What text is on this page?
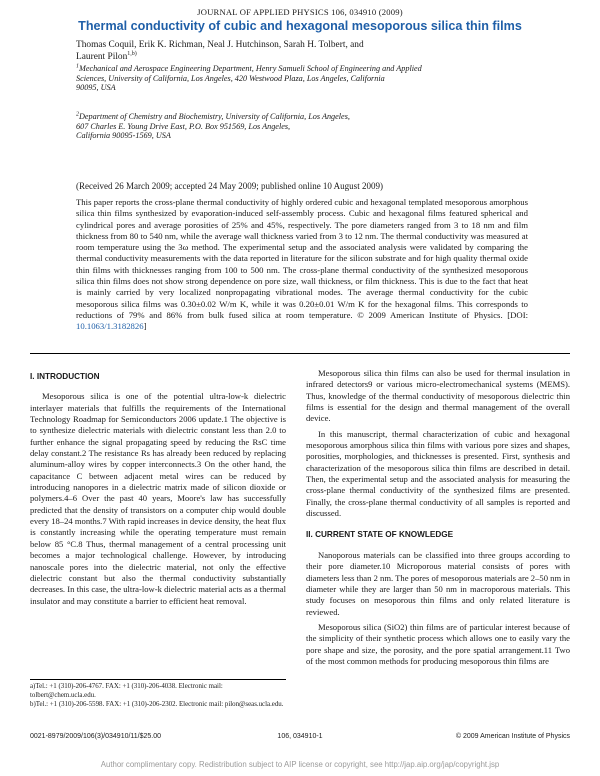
JOURNAL OF APPLIED PHYSICS 106, 034910 (2009)
Thermal conductivity of cubic and hexagonal mesoporous silica thin films
Thomas Coquil, Erik K. Richman, Neal J. Hutchinson, Sarah H. Tolbert, and
Laurent Pilon$^{1,b)}$
$^1$Mechanical and Aerospace Engineering Department, Henry Samueli School of Engineering and Applied
Sciences, University of California, Los Angeles, 420 Westwood Plaza, Los Angeles, California
90095, USA
$^2$Department of Chemistry and Biochemistry, University of California, Los Angeles,
607 Charles E. Young Drive East, P.O. Box 951569, Los Angeles,
California 90095-1569, USA
(Received 26 March 2009; accepted 24 May 2009; published online 10 August 2009)
This paper reports the cross-plane thermal conductivity of highly ordered cubic and hexagonal templated mesoporous amorphous silica thin films synthesized by evaporation-induced self-assembly process. Cubic and hexagonal films featured spherical and cylindrical pores and average porosities of 25% and 45%, respectively. The pore diameters ranged from 3 to 18 nm and film thickness from 80 to 540 nm, while the average wall thickness varied from 3 to 12 nm. The thermal conductivity was measured at room temperature using the 3ω method. The experimental setup and the associated analysis were validated by comparing the thermal conductivity measurements with the data reported in literature for the silicon substrate and for high quality thermal oxide thin films with thicknesses ranging from 100 to 500 nm. The cross-plane thermal conductivity of the synthesized mesoporous silica thin films does not show strong dependence on pore size, wall thickness, or film thickness. This is due to the fact that heat is mainly carried by very localized nonpropagating vibrational modes. The average thermal conductivity for the cubic mesoporous silica films was 0.30±0.02 W/m K, while it was 0.20±0.01 W/m K for the hexagonal films. This corresponds to reductions of 79% and 86% from bulk fused silica at room temperature. © 2009 American Institute of Physics. [DOI: 10.1063/1.3182826]
I. INTRODUCTION

Mesoporous silica is one of the potential ultra-low-k dielectric interlayer materials that fulfills the requirements of the International Technology Roadmap for Semiconductors 2006 update.1 The objective is to synthesize dielectric materials with dielectric constant less than 2.0 to further enhance the signal propagating speed by reducing the RsC time delay constant.2 The resistance Rs has already been reduced by replacing aluminum-alloy wires by copper interconnects.3 On the other hand, the capacitance C between adjacent metal wires can be reduced by introducing nanopores in a dielectric matrix made of silicon dioxide or polymers.4–6 Over the past 40 years, Moore's law has successfully predicted that the density of transistors on a computer chip would double every 18–24 months.7 With rapid increases in device density, the heat flux is constantly increasing while the operating temperature must remain below 85 °C.8 Thus, thermal management of a central processing unit becomes a major technological challenge. However, by introducing nanoscale pores into the dielectric material, not only the effective dielectric constant but also the thermal conductivity substantially decreases. In this case, the ultra-low-k dielectric material acts as a thermal insulator and may constitute a barrier to efficient heat removal.

a)Tel.: +1 (310)-206-4767. FAX: +1 (310)-206-4038. Electronic mail: tolbert@chem.ucla.edu.
b)Tel.: +1 (310)-206-5598. FAX: +1 (310)-206-2302. Electronic mail: pilon@seas.ucla.edu.

Mesoporous silica thin films can also be used for thermal insulation in infrared detectors9 or various micro-electromechanical systems (MEMS). Thus, knowledge of the thermal conductivity of mesoporous dielectric thin films is essential for the design and thermal management of the overall device.

In this manuscript, thermal characterization of cubic and hexagonal mesoporous amorphous silica thin films with various pore sizes and shapes, porosities, morphologies, and thicknesses is presented. First, synthesis and characterization of the mesoporous silica thin films are described in detail. Then, the experimental setup and the associated analysis for measuring the cross-plane thermal conductivity of the synthesized films are presented. Finally, the cross-plane thermal conductivity of all samples is reported and discussed.

II. CURRENT STATE OF KNOWLEDGE

Nanoporous materials can be classified into three groups according to their pore diameter.10 Microporous material consists of pores with diameters less than 2 nm. The pores of mesoporous materials are 2–50 nm in diameter while they are larger than 50 nm in macroporous materials. This study focuses on mesoporous thin films and only related literature is reviewed.

Mesoporous silica (SiO2) thin films are of particular interest because of the simplicity of their synthetic process which allows one to easily vary the pore shape and size, the porosity, and the pore spatial arrangement.11 Two of the most common methods for producing mesoporous thin films are

0021-8979/2009/106(3)/034910/11/$25.00	106, 034910-1	© 2009 American Institute of Physics
Author complimentary copy. Redistribution subject to AIP license or copyright, see http://jap.aip.org/jap/copyright.jsp
